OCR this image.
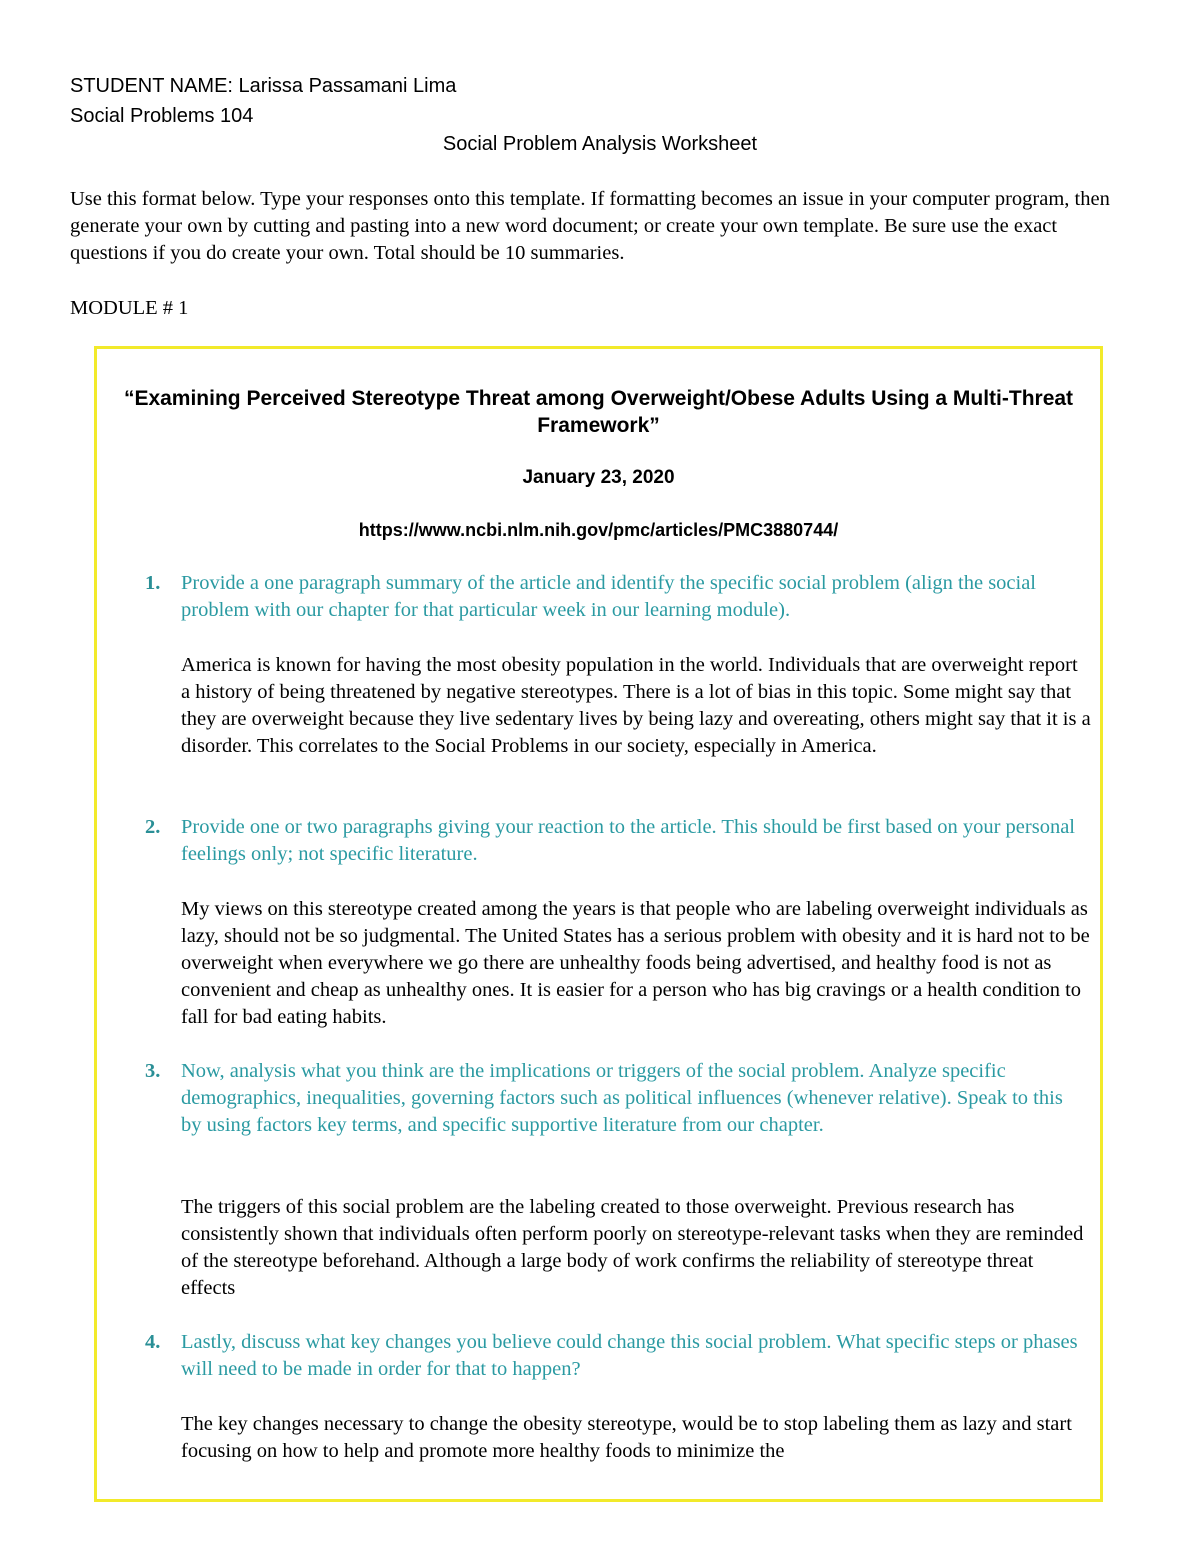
STUDENT NAME: Larissa Passamani Lima
Social Problems 104
Social Problem Analysis Worksheet

Use this format below. Type your responses onto this template. If formatting becomes an issue in your computer program, then generate your own by cutting and pasting into a new word document; or create your own template. Be sure use the exact questions if you do create your own. Total should be 10 summaries.

MODULE # 1

“Examining Perceived Stereotype Threat among Overweight/Obese Adults Using a Multi-Threat Framework”

January 23, 2020
https://www.ncbi.nlm.nih.gov/pmc/articles/PMC3880744/
1. Provide a one paragraph summary of the article and identify the specific social problem (align the social problem with our chapter for that particular week in our learning module).

America is known for having the most obesity population in the world. Individuals that are overweight report a history of being threatened by negative stereotypes. There is a lot of bias in this topic. Some might say that they are overweight because they live sedentary lives by being lazy and overeating, others might say that it is a disorder. This correlates to the Social Problems in our society, especially in America.

2. Provide one or two paragraphs giving your reaction to the article. This should be first based on your personal feelings only; not specific literature.

My views on this stereotype created among the years is that people who are labeling overweight individuals as lazy, should not be so judgmental. The United States has a serious problem with obesity and it is hard not to be overweight when everywhere we go there are unhealthy foods being advertised, and healthy food is not as convenient and cheap as unhealthy ones. It is easier for a person who has big cravings or a health condition to fall for bad eating habits.

3. Now, analysis what you think are the implications or triggers of the social problem. Analyze specific demographics, inequalities, governing factors such as political influences (whenever relative). Speak to this by using factors key terms, and specific supportive literature from our chapter.

The triggers of this social problem are the labeling created to those overweight. Previous research has consistently shown that individuals often perform poorly on stereotype-relevant tasks when they are reminded of the stereotype beforehand. Although a large body of work confirms the reliability of stereotype threat effects

4. Lastly, discuss what key changes you believe could change this social problem. What specific steps or phases will need to be made in order for that to happen?

The key changes necessary to change the obesity stereotype, would be to stop labeling them as lazy and start focusing on how to help and promote more healthy foods to minimize the
